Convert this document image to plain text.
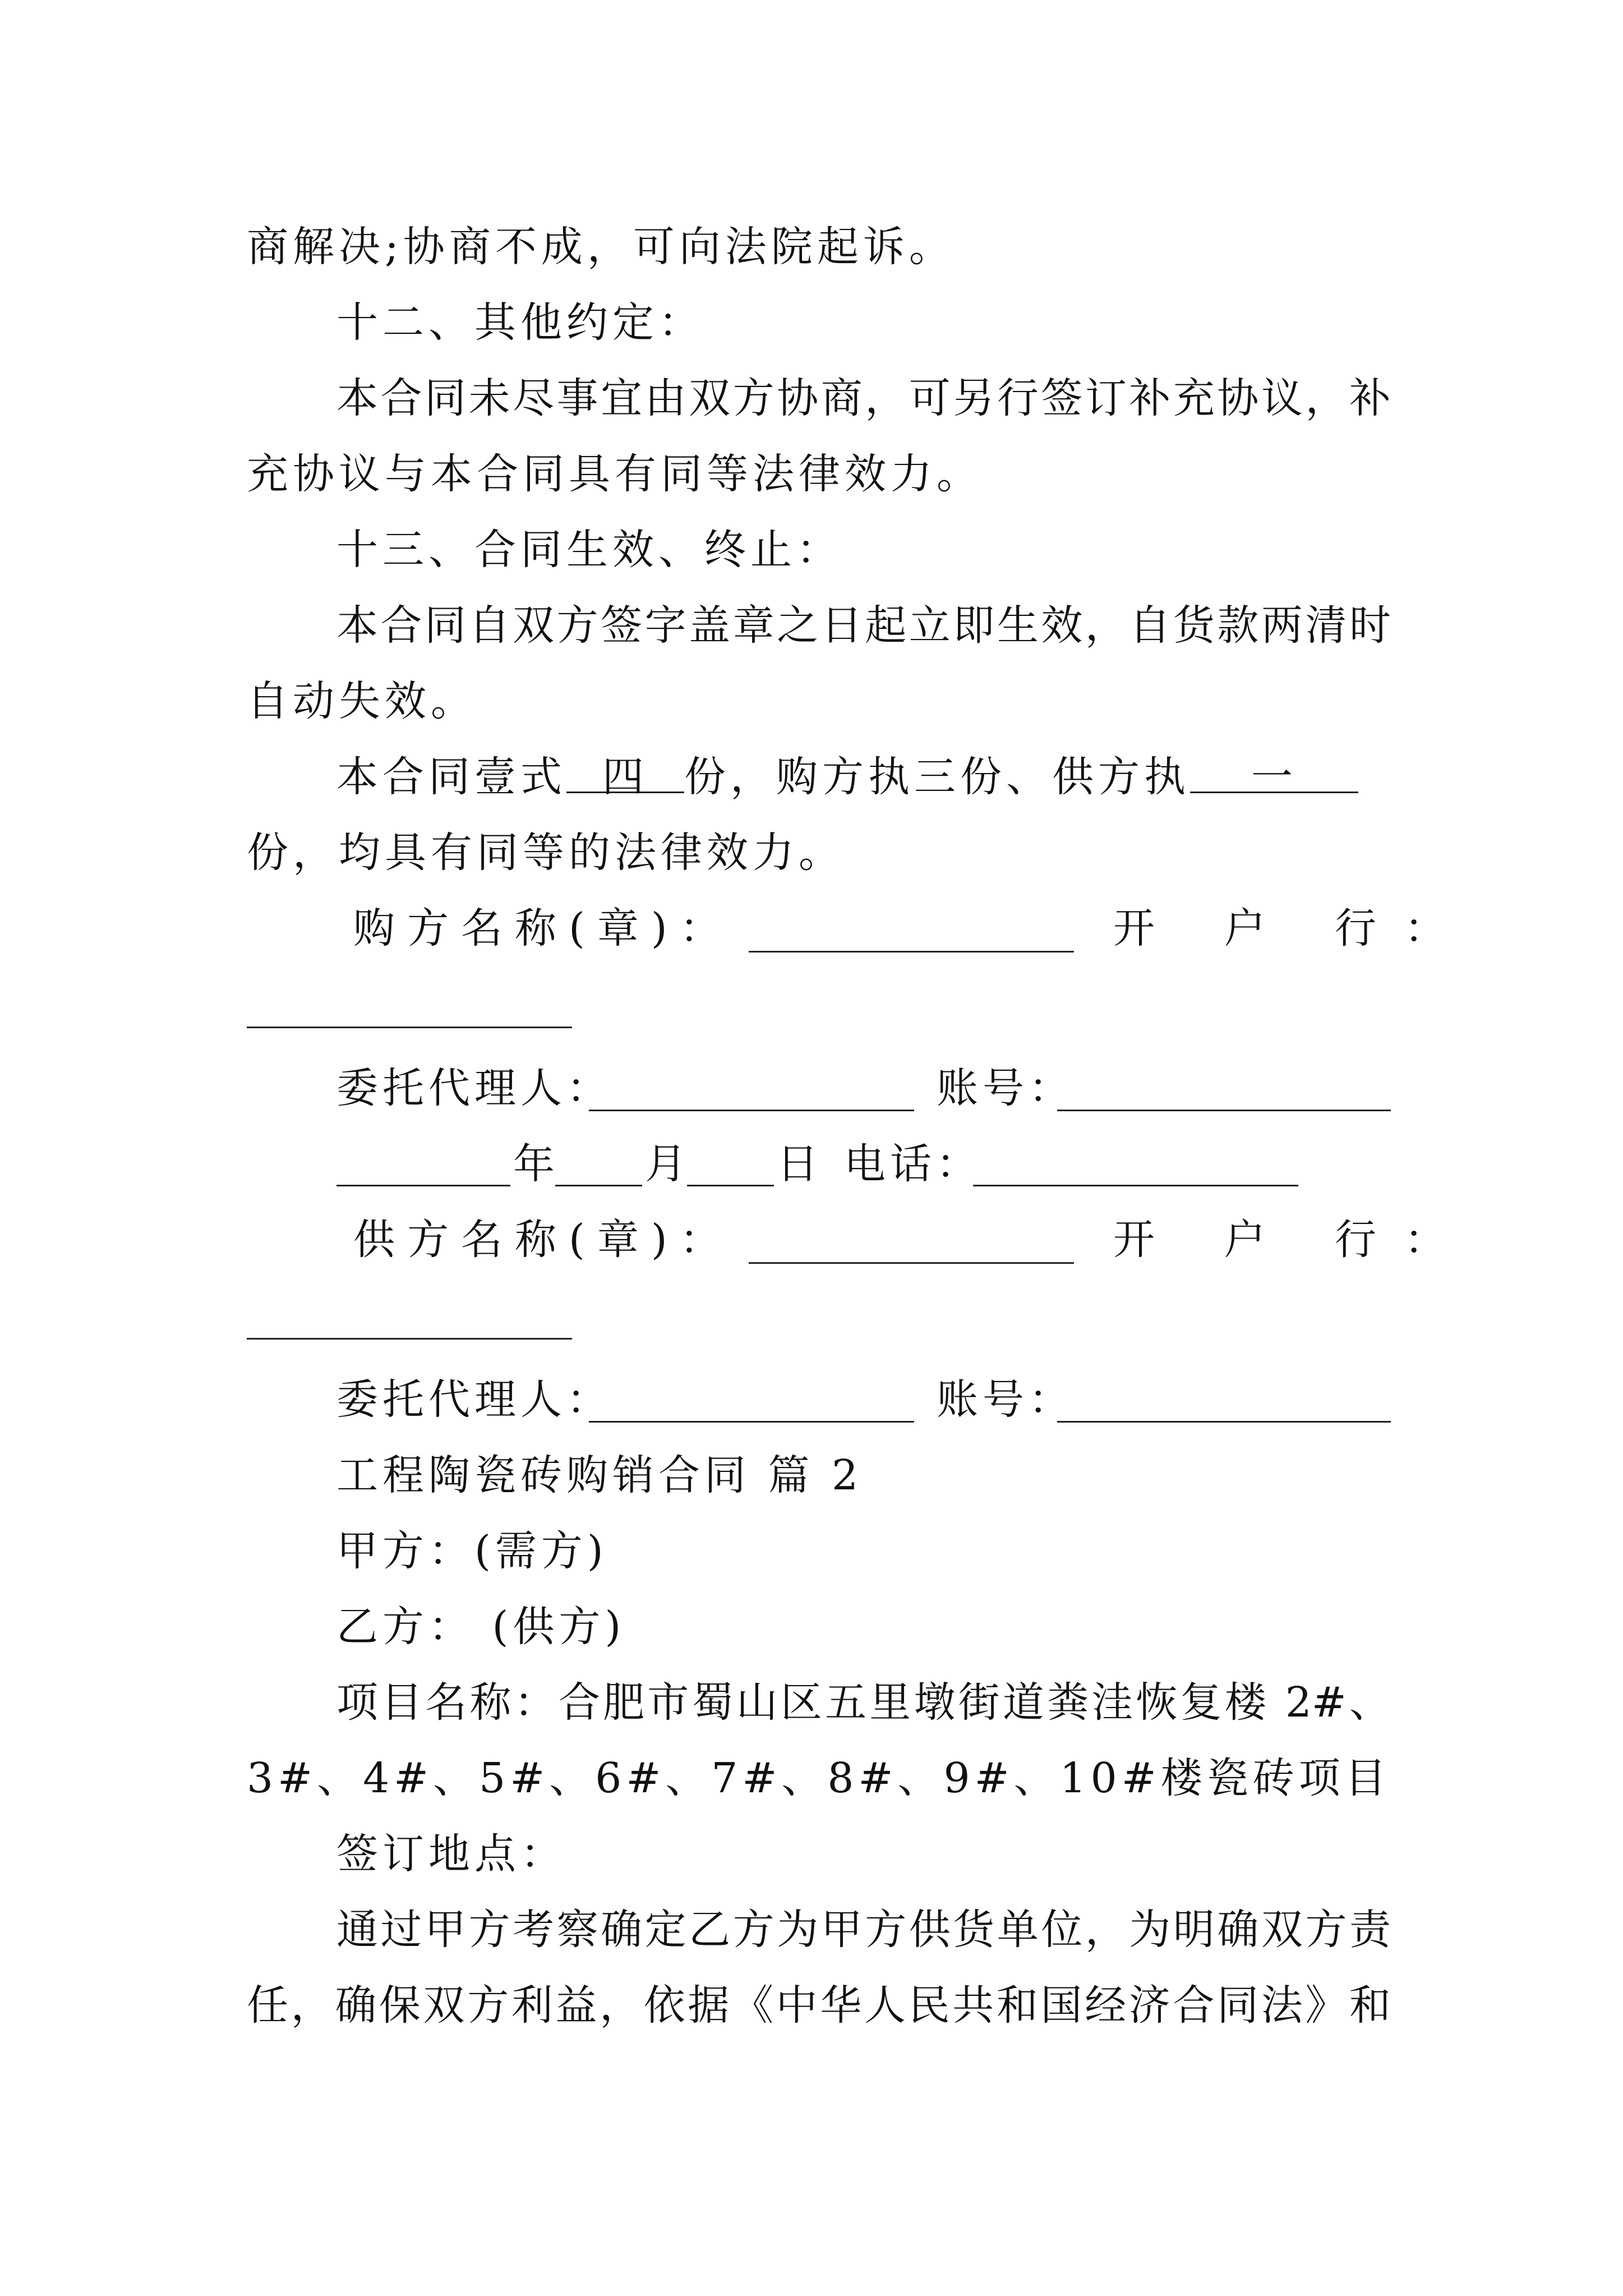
商解决;协商不成，可向法院起诉。
十二、其他约定：
本合同未尽事宜由双方协商，可另行签订补充协议，补
充协议与本合同具有同等法律效力。
十三、合同生效、终止：
本合同自双方签字盖章之日起立即生效，自货款两清时
自动失效。
本合同壹式 四 份，购方执三份、供方执 一
份，均具有同等的法律效力。
购方名称(章)：	开 户 行：
委托代理人：	账号：
年 月 日 电话：
供方名称(章)：	开 户 行：
委托代理人：	账号：
工程陶瓷砖购销合同 篇 2
甲方：(需方)
乙方： (供方)
项目名称：合肥市蜀山区五里墩街道粪洼恢复楼 2#、
3#、4#、5#、6#、7#、8#、9#、10#楼瓷砖项目
签订地点：
通过甲方考察确定乙方为甲方供货单位，为明确双方责
任，确保双方利益，依据《中华人民共和国经济合同法》和
